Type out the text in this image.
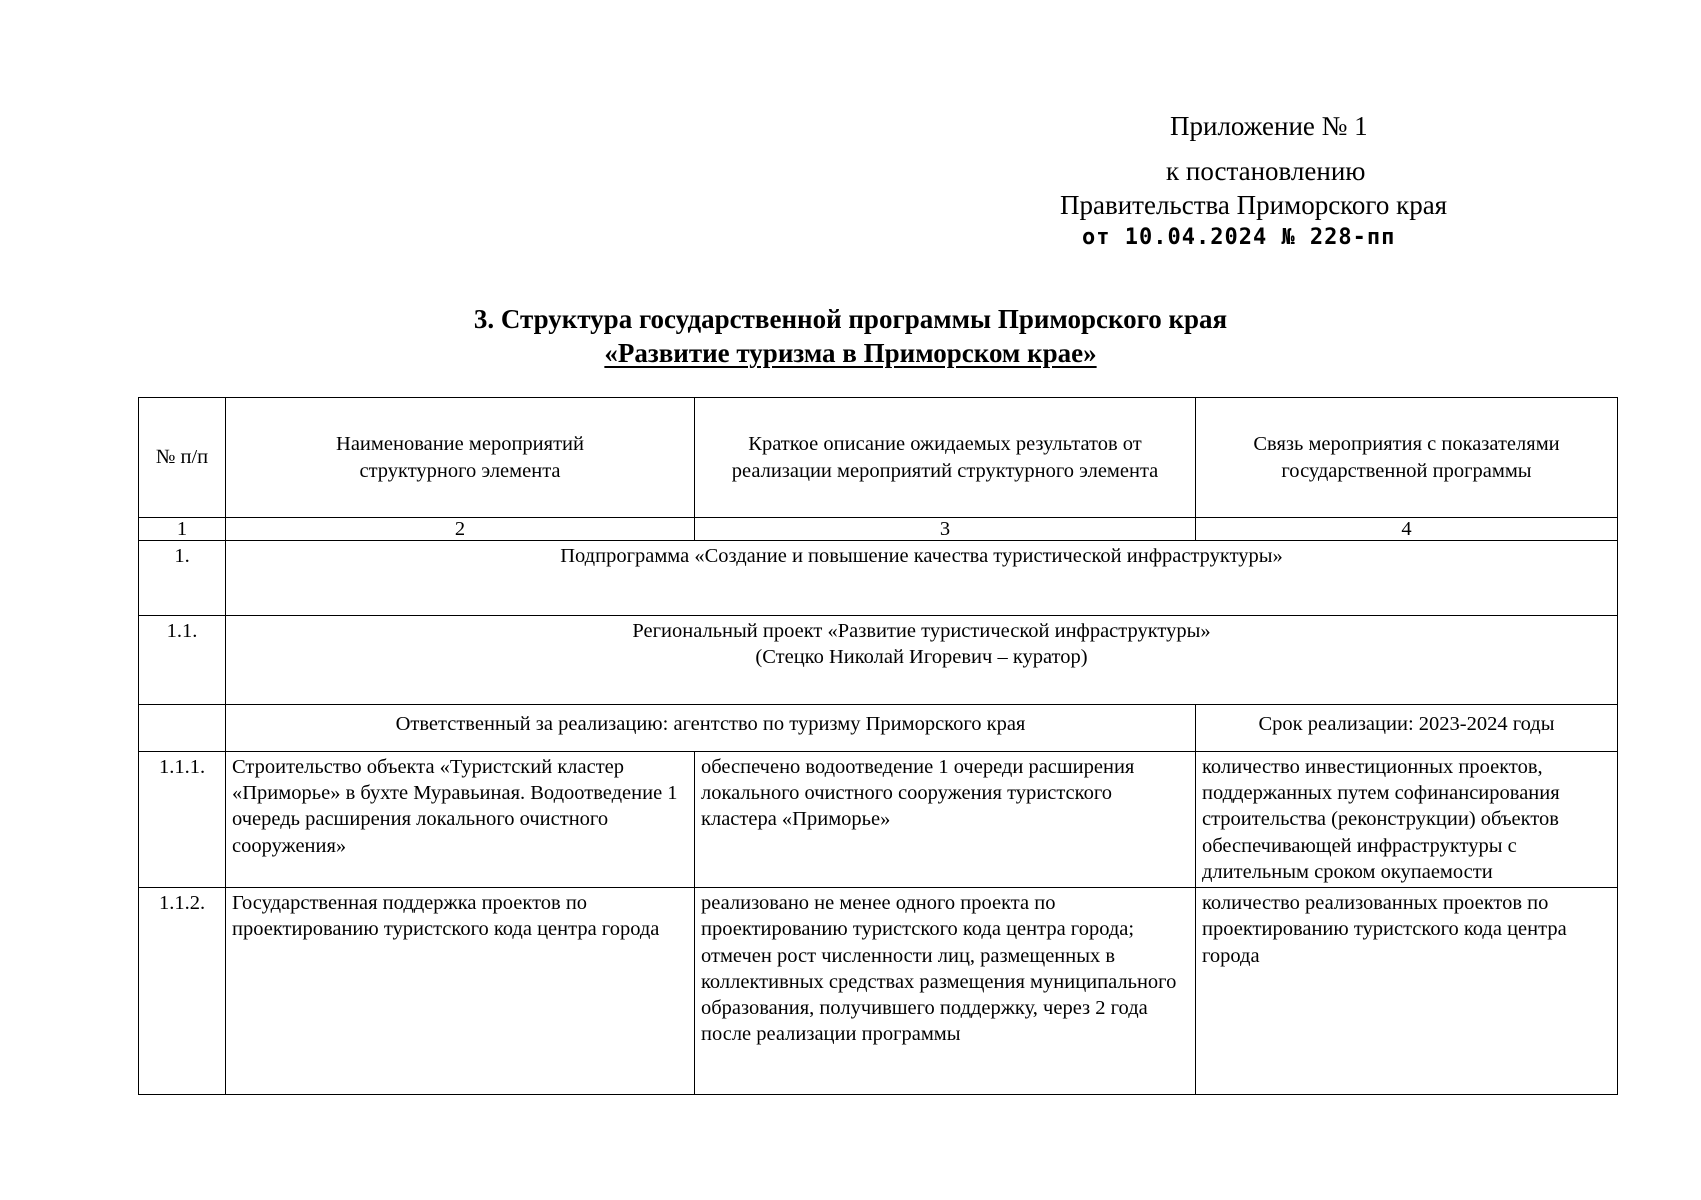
Приложение № 1
к постановлению
Правительства Приморского края
от 10.04.2024 № 228-пп
3. Структура государственной программы Приморского края
«Развитие туризма в Приморском крае»
№ п/п	Наименование мероприятий структурного элемента	Краткое описание ожидаемых результатов от реализации мероприятий структурного элемента	Связь мероприятия с показателями государственной программы

1	2	3	4
1.	Подпрограмма «Создание и повышение качества туристической инфраструктуры»		
1.1.	Региональный проект «Развитие туристической инфраструктуры»
(Стецко Николай Игоревич – куратор)		

	Ответственный за реализацию: агентство по туризму Приморского края		Срок реализации: 2023-2024 годы
1.1.1.	Строительство объекта «Туристский кластер «Приморье» в бухте Муравьиная. Водоотведение 1 очередь расширения локального очистного сооружения»	обеспечено водоотведение 1 очереди расширения локального очистного сооружения туристского кластера «Приморье»	количество инвестиционных проектов, поддержанных путем софинансирования строительства (реконструкции) объектов обеспечивающей инфраструктуры с длительным сроком окупаемости
1.1.2.	Государственная поддержка проектов по проектированию туристского кода центра города	реализовано не менее одного проекта по проектированию туристского кода центра города; отмечен рост численности лиц, размещенных в коллективных средствах размещения муниципального образования, получившего поддержку, через 2 года после реализации программы	количество реализованных проектов по проектированию туристского кода центра города
